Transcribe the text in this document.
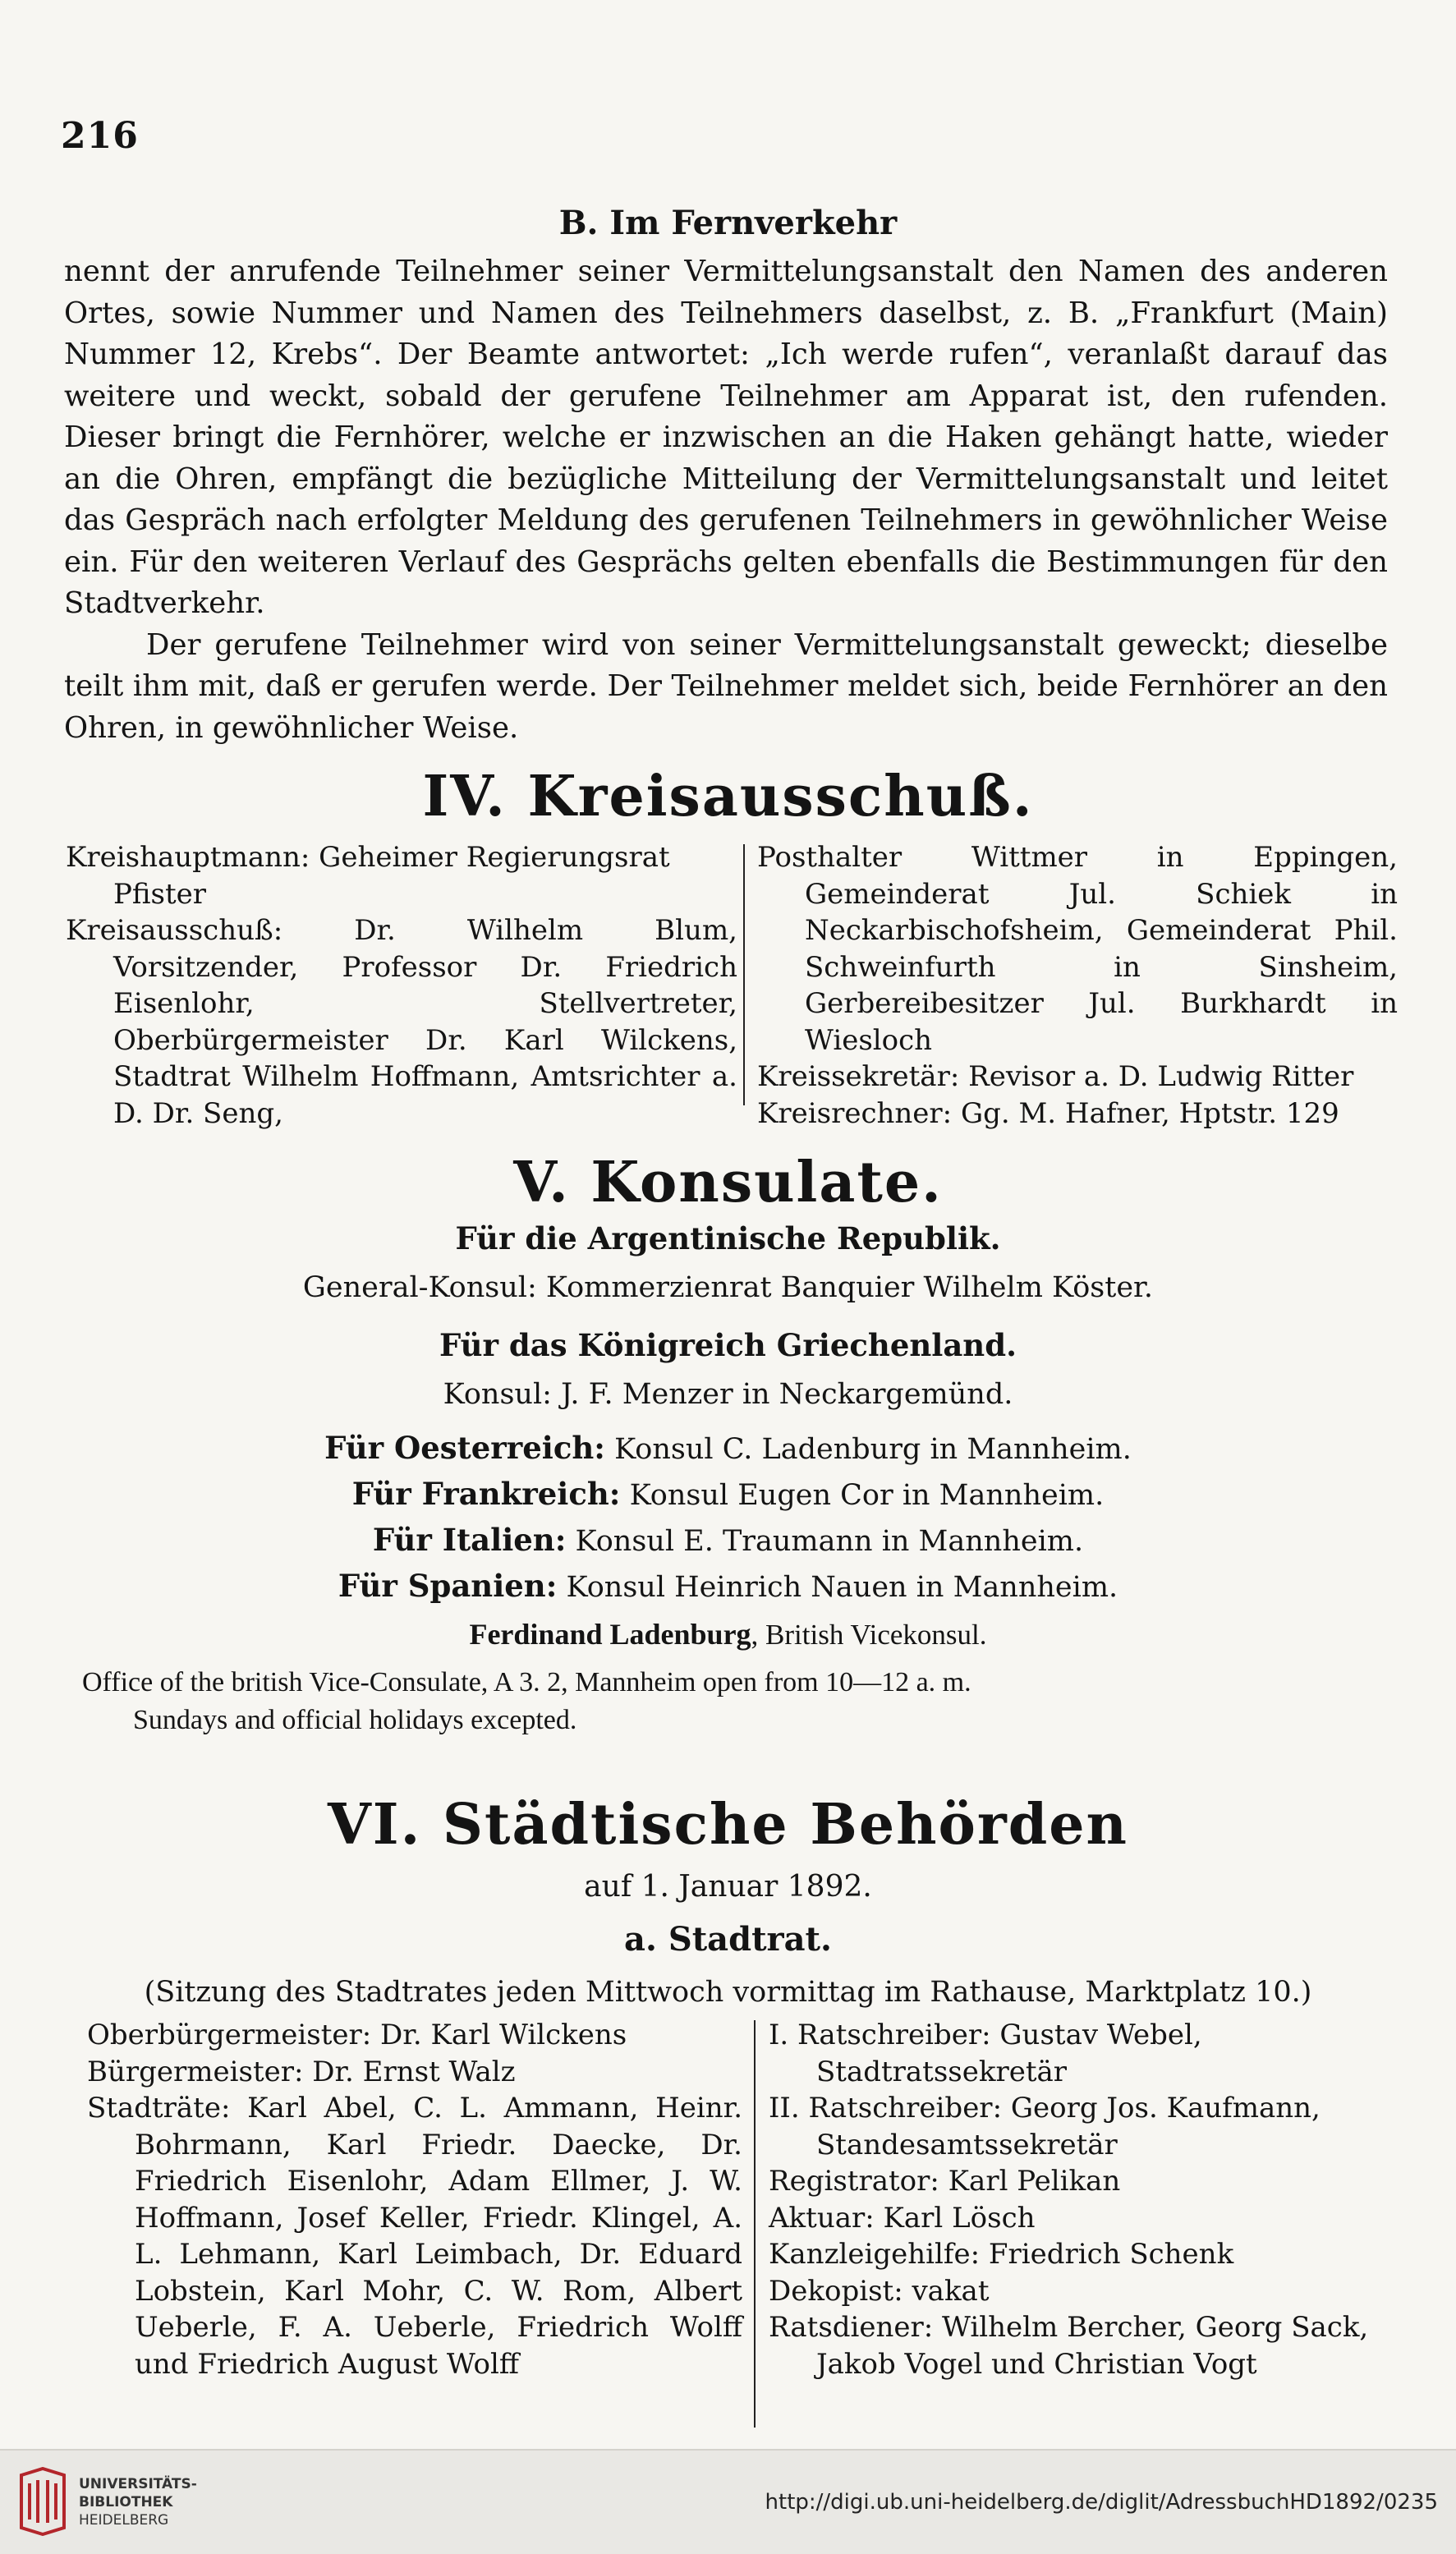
216
B. Im Fernverkehr

nennt der anrufende Teilnehmer seiner Vermittelungsanstalt den Namen des anderen Ortes, sowie Nummer und Namen des Teilnehmers daselbst, z. B. „Frankfurt (Main) Nummer 12, Krebs“. Der Beamte antwortet: „Ich werde rufen“, veranlaßt darauf das weitere und weckt, sobald der gerufene Teilnehmer am Apparat ist, den rufenden. Dieser bringt die Fernhörer, welche er inzwischen an die Haken gehängt hatte, wieder an die Ohren, empfängt die bezügliche Mitteilung der Vermittelungsanstalt und leitet das Gespräch nach erfolgter Meldung des gerufenen Teilnehmers in gewöhnlicher Weise ein. Für den weiteren Verlauf des Gesprächs gelten ebenfalls die Bestimmungen für den Stadtverkehr.

Der gerufene Teilnehmer wird von seiner Vermittelungsanstalt geweckt; dieselbe teilt ihm mit, daß er gerufen werde. Der Teilnehmer meldet sich, beide Fernhörer an den Ohren, in gewöhnlicher Weise.

IV. Kreisausschuß.

Kreishauptmann: Geheimer Regierungsrat Pfister

Kreisausschuß: Dr. Wilhelm Blum, Vorsitzender, Professor Dr. Friedrich Eisenlohr, Stellvertreter, Oberbürgermeister Dr. Karl Wilckens, Stadtrat Wilhelm Hoffmann, Amtsrichter a. D. Dr. Seng,

Posthalter Wittmer in Eppingen, Gemeinderat Jul. Schiek in Neckarbischofsheim, Gemeinderat Phil. Schweinfurth in Sinsheim, Gerbereibesitzer Jul. Burkhardt in Wiesloch

Kreissekretär: Revisor a. D. Ludwig Ritter

Kreisrechner: Gg. M. Hafner, Hptstr. 129

V. Konsulate.
Für die Argentinische Republik.
General-Konsul: Kommerzienrat Banquier Wilhelm Köster.
Für das Königreich Griechenland.
Konsul: J. F. Menzer in Neckargemünd.
Für Oesterreich: Konsul C. Ladenburg in Mannheim.
Für Frankreich: Konsul Eugen Cor in Mannheim.
Für Italien: Konsul E. Traumann in Mannheim.
Für Spanien: Konsul Heinrich Nauen in Mannheim.
Ferdinand Ladenburg, British Vicekonsul.
Office of the british Vice-Consulate, A 3. 2, Mannheim open from 10—12 a. m.
Sundays and official holidays excepted.
VI. Städtische Behörden
auf 1. Januar 1892.
a. Stadtrat.
(Sitzung des Stadtrates jeden Mittwoch vormittag im Rathause, Marktplatz 10.)

Oberbürgermeister: Dr. Karl Wilckens

Bürgermeister: Dr. Ernst Walz

Stadträte: Karl Abel, C. L. Ammann, Heinr. Bohrmann, Karl Friedr. Daecke, Dr. Friedrich Eisenlohr, Adam Ellmer, J. W. Hoffmann, Josef Keller, Friedr. Klingel, A. L. Lehmann, Karl Leimbach, Dr. Eduard Lobstein, Karl Mohr, C. W. Rom, Albert Ueberle, F. A. Ueberle, Friedrich Wolff und Friedrich August Wolff

I. Ratschreiber: Gustav Webel, Stadtratssekretär

II. Ratschreiber: Georg Jos. Kaufmann, Standesamtssekretär

Registrator: Karl Pelikan

Aktuar: Karl Lösch

Kanzleigehilfe: Friedrich Schenk

Dekopist: vakat

Ratsdiener: Wilhelm Bercher, Georg Sack, Jakob Vogel und Christian Vogt

UNIVERSITÄTS-
BIBLIOTHEK
HEIDELBERG
http://digi.ub.uni-heidelberg.de/diglit/AdressbuchHD1892/0235
